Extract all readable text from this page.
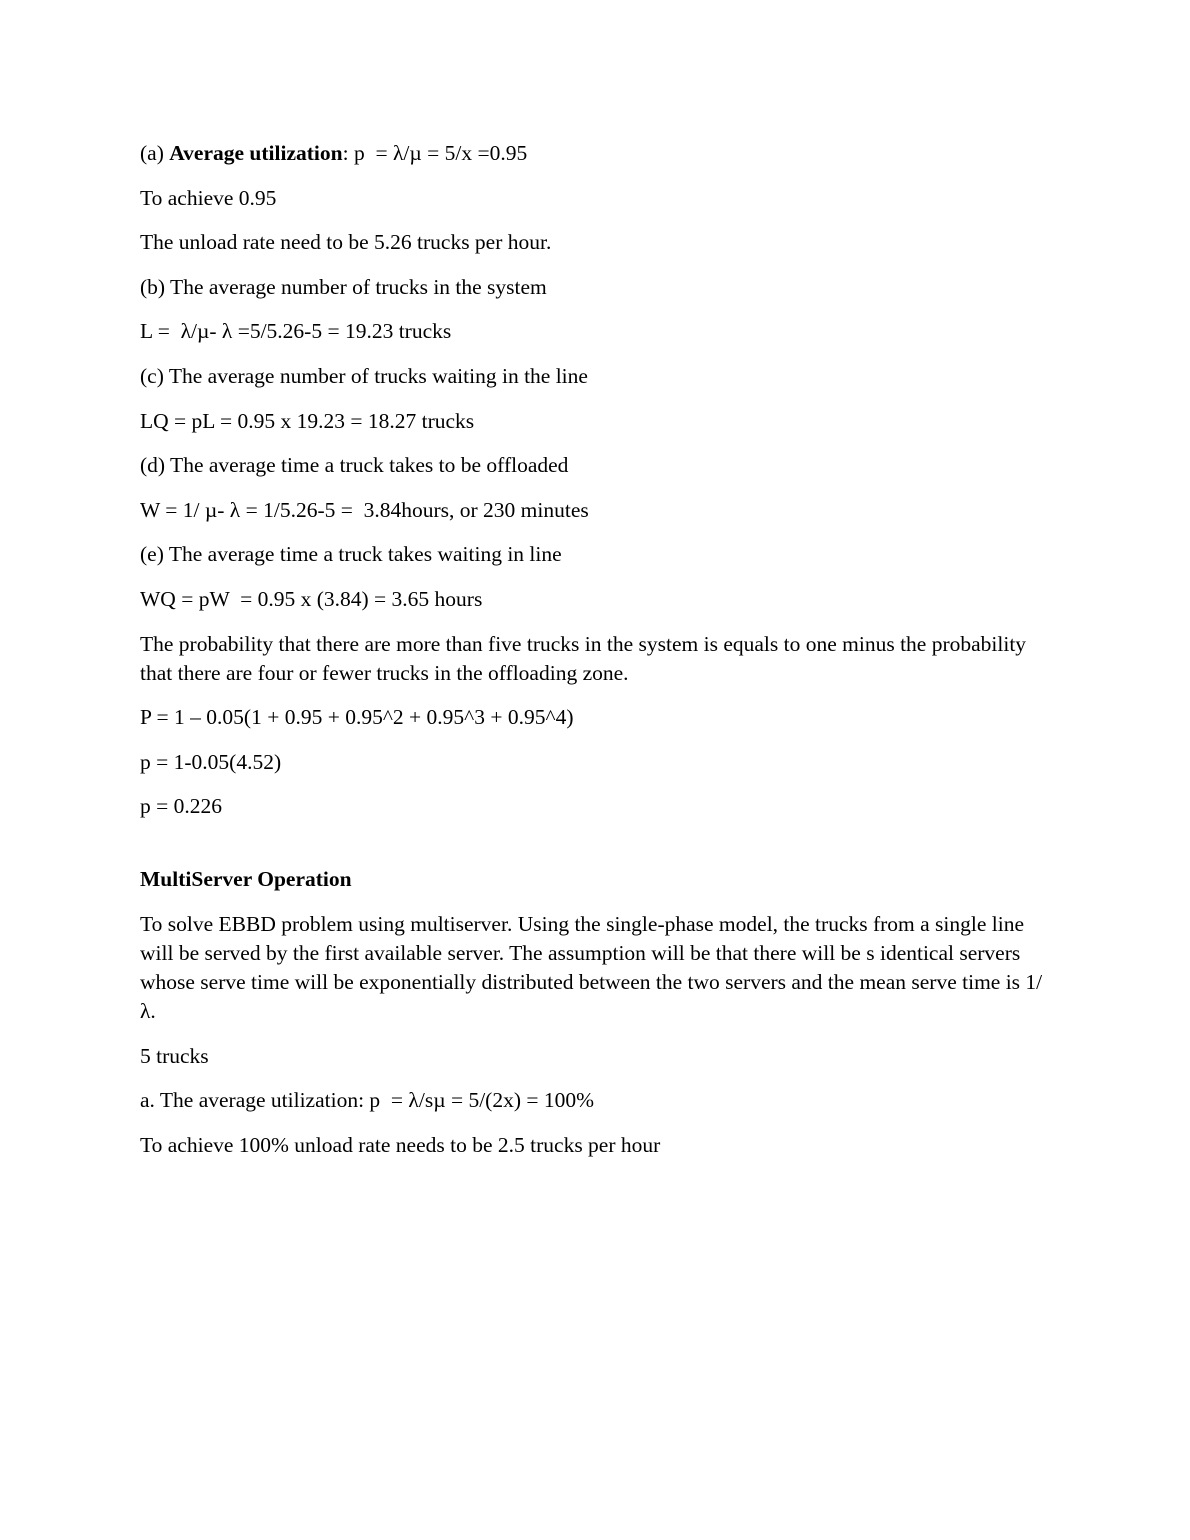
(a) Average utilization: p  = λ/µ = 5/x =0.95

To achieve 0.95

The unload rate need to be 5.26 trucks per hour.

(b) The average number of trucks in the system

L =  λ/µ- λ =5/5.26-5 = 19.23 trucks

(c) The average number of trucks waiting in the line

LQ = pL = 0.95 x 19.23 = 18.27 trucks

(d) The average time a truck takes to be offloaded

W = 1/ µ- λ = 1/5.26-5 =  3.84hours, or 230 minutes

(e) The average time a truck takes waiting in line

WQ = pW  = 0.95 x (3.84) = 3.65 hours

The probability that there are more than five trucks in the system is equals to one minus the probability that there are four or fewer trucks in the offloading zone.

P = 1 – 0.05(1 + 0.95 + 0.95^2 + 0.95^3 + 0.95^4)

p = 1-0.05(4.52)

p = 0.226

MultiServer Operation

To solve EBBD problem using multiserver. Using the single-phase model, the trucks from a single line will be served by the first available server. The assumption will be that there will be s identical servers whose serve time will be exponentially distributed between the two servers and the mean serve time is 1/ λ.

5 trucks

a. The average utilization: p  = λ/sµ = 5/(2x) = 100%

To achieve 100% unload rate needs to be 2.5 trucks per hour
